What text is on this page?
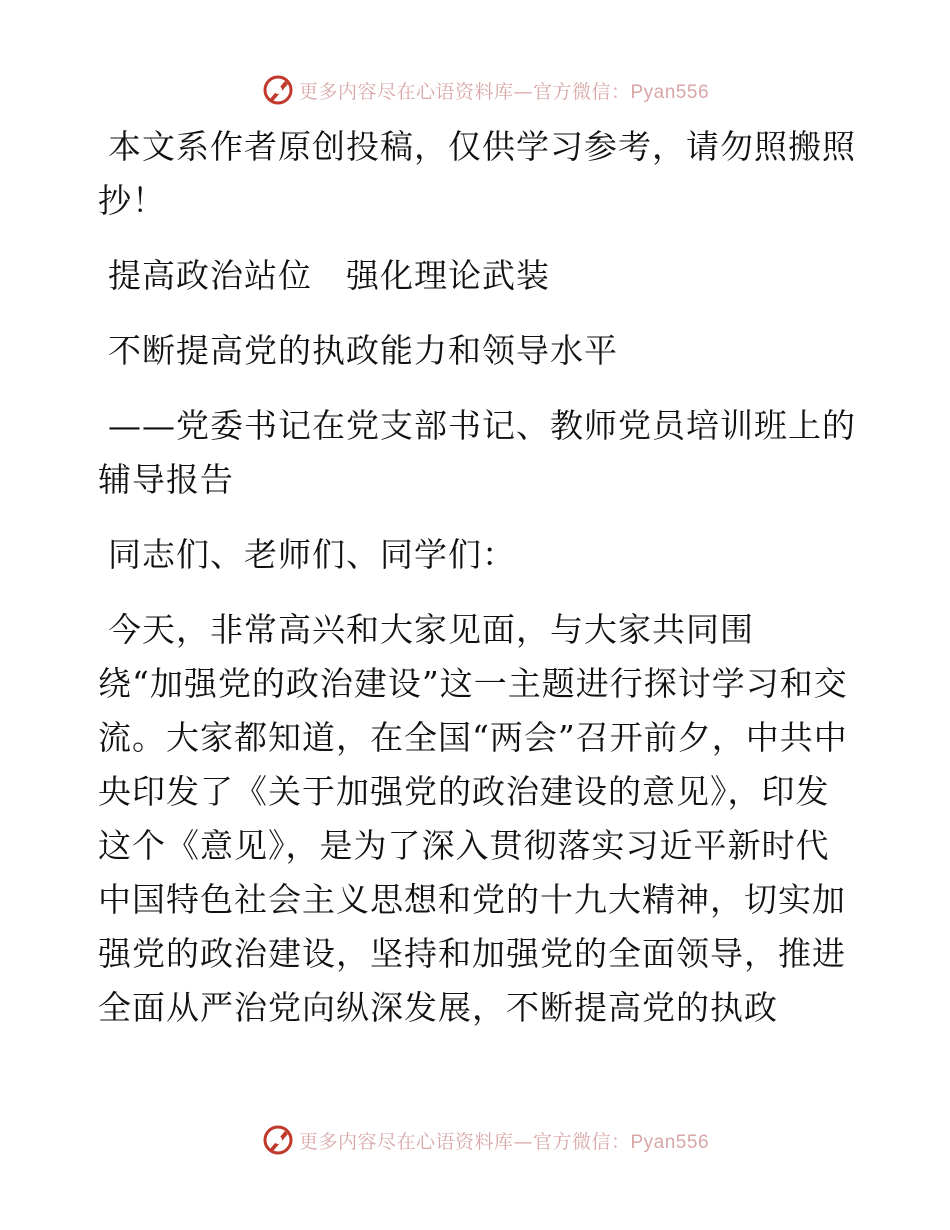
更多内容尽在心语资料库—官方微信：Pyan556

本文系作者原创投稿，仅供学习参考，请勿照搬照抄！

提高政治站位　强化理论武装

不断提高党的执政能力和领导水平

——党委书记在党支部书记、教师党员培训班上的辅导报告

同志们、老师们、同学们：

今天，非常高兴和大家见面，与大家共同围
绕“加强党的政治建设”这一主题进行探讨学习和交流。大家都知道，在全国“两会”召开前夕，中共中央印发了《关于加强党的政治建设的意见》，印发这个《意见》，是为了深入贯彻落实习近平新时代中国特色社会主义思想和党的十九大精神，切实加强党的政治建设，坚持和加强党的全面领导，推进全面从严治党向纵深发展，不断提高党的执政

更多内容尽在心语资料库—官方微信：Pyan556
